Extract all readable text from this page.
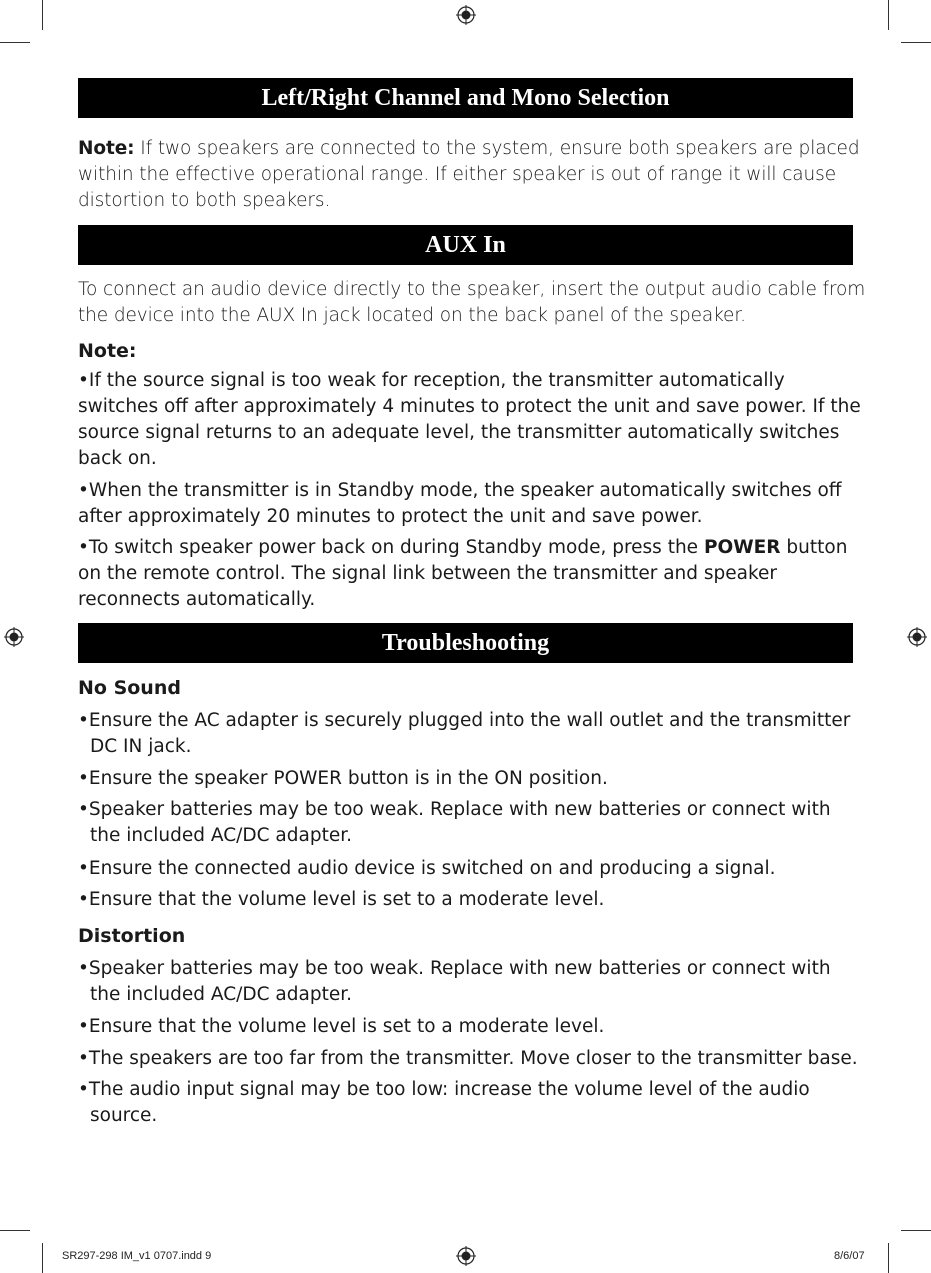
Left/Right Channel and Mono Selection

Note: If two speakers are connected to the system, ensure both speakers are placed within the effective operational range. If either speaker is out of range it will cause distortion to both speakers.

AUX In

To connect an audio device directly to the speaker, insert the output audio cable from the device into the AUX In jack located on the back panel of the speaker.

Note:

•If the source signal is too weak for reception, the transmitter automatically switches off after approximately 4 minutes to protect the unit and save power. If the source signal returns to an adequate level, the transmitter automatically switches back on.

•When the transmitter is in Standby mode, the speaker automatically switches off after approximately 20 minutes to protect the unit and save power.

•To switch speaker power back on during Standby mode, press the POWER button on the remote control. The signal link between the transmitter and speaker reconnects automatically.

Troubleshooting

No Sound

•Ensure the AC adapter is securely plugged into the wall outlet and the transmitter DC IN jack.

•Ensure the speaker POWER button is in the ON position.

•Speaker batteries may be too weak. Replace with new batteries or connect with the included AC/DC adapter.

•Ensure the connected audio device is switched on and producing a signal.

•Ensure that the volume level is set to a moderate level.

Distortion

•Speaker batteries may be too weak. Replace with new batteries or connect with the included AC/DC adapter.

•Ensure that the volume level is set to a moderate level.

•The speakers are too far from the transmitter. Move closer to the transmitter base.

•The audio input signal may be too low: increase the volume level of the audio source.

SR297-298 IM_v1 0707.indd 9	8/6/07
